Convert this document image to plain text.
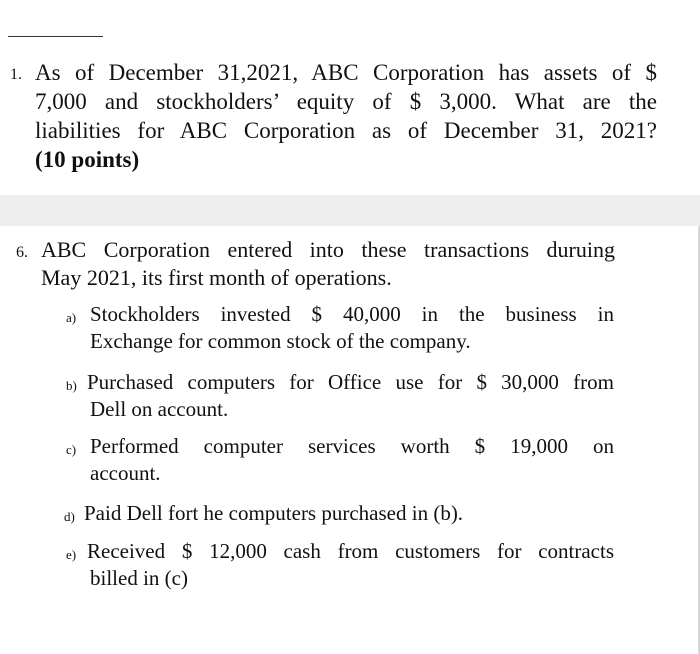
1. As of December 31,2021, ABC Corporation has assets of $
7,000 and stockholders’ equity of $ 3,000. What are the
liabilities for ABC Corporation as of December 31, 2021?
(10 points)
6. ABC Corporation entered into these transactions duruing
May 2021, its first month of operations.
a) Stockholders invested $ 40,000 in the business in
Exchange for common stock of the company.
b) Purchased computers for Office use for $ 30,000 from
Dell on account.
c) Performed computer services worth $ 19,000 on
account.
d) Paid Dell fort he computers purchased in (b).
e) Received $ 12,000 cash from customers for contracts
billed in (c)
